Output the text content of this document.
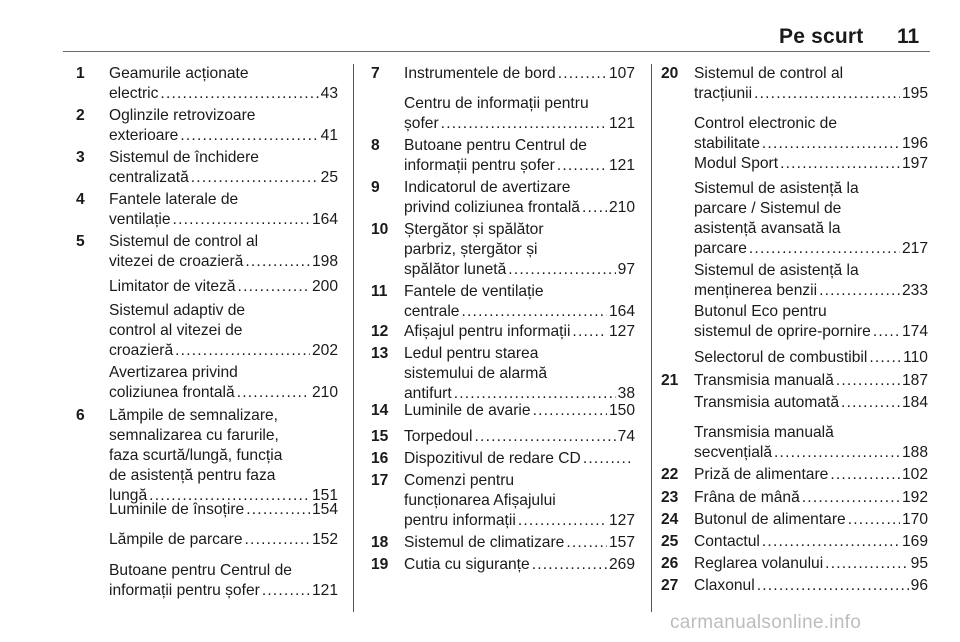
Pe scurt 11
1 Geamurile acționate
electric .....	43
2 Oglinzile retrovizoare
exterioare .....	41
3 Sistemul de închidere
centralizată .....	25
4 Fantele laterale de
ventilație .....	164
5 Sistemul de control al
vitezei de croazieră .....	198
Limitator de viteză .....	200
Sistemul adaptiv de
control al vitezei de
croazieră .....	202
Avertizarea privind
coliziunea frontală .....	210
6 Lămpile de semnalizare,
semnalizarea cu farurile,
faza scurtă/lungă, funcția
de asistență pentru faza
lungă .....	151
Luminile de însoțire .....	154
Lămpile de parcare .....	152
Butoane pentru Centrul de
informații pentru șofer .....	121
7 Instrumentele de bord .....	107
Centru de informații pentru
șofer .....	121
8 Butoane pentru Centrul de
informații pentru șofer .....	121
9 Indicatorul de avertizare
privind coliziunea frontală ..... 210
10 Ștergător și spălător
parbriz, ștergător și
spălător lunetă .....	97
11 Fantele de ventilație
centrale .....	164
12 Afișajul pentru informații ..... 127
13 Ledul pentru starea
sistemului de alarmă
antifurt .....	38
14 Luminile de avarie .....	150
15 Torpedoul .....	74
16 Dispozitivul de redare CD
.....
17 Comenzi pentru
funcționarea Afișajului
pentru informații .....	127
18 Sistemul de climatizare .....	157
19 Cutia cu siguranțe .....	269
20 Sistemul de control al
tracțiunii .....	195
Control electronic de
stabilitate .....	196
Modul Sport .....	197
Sistemul de asistență la
parcare / Sistemul de
asistență avansată la
parcare .....	217
Sistemul de asistență la
menținerea benzii .....	233
Butonul Eco pentru
sistemul de oprire-pornire ..... 174
Selectorul de combustibil ..... 110
21 Transmisia manuală .....	187
Transmisia automată .....	184
Transmisia manuală
secvențială .....	188
22 Priză de alimentare .....	102
23 Frâna de mână .....	192
24 Butonul de alimentare .....	170
25 Contactul .....	169
26 Reglarea volanului .....	95
27 Claxonul .....	96
carmanualsonline.info
